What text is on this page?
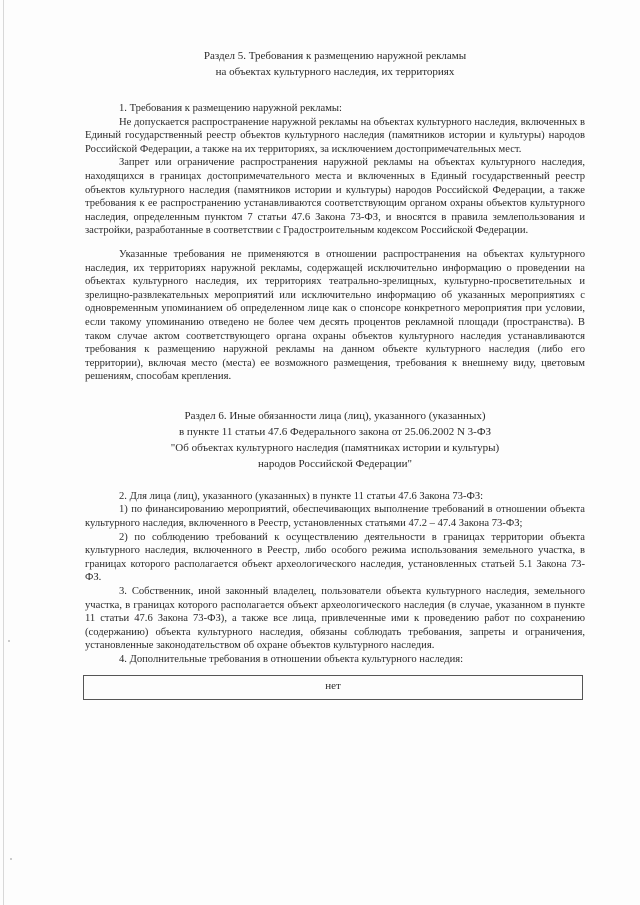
Раздел 5. Требования к размещению наружной рекламы

на объектах культурного наследия, их территориях

1. Требования к размещению наружной рекламы:

Не допускается распространение наружной рекламы на объектах культурного наследия, включенных в Единый государственный реестр объектов культурного наследия (памятников истории и культуры) народов Российской Федерации, а также на их территориях, за исключением достопримечательных мест.

Запрет или ограничение распространения наружной рекламы на объектах культурного наследия, находящихся в границах достопримечательного места и включенных в Единый государственный реестр объектов культурного наследия (памятников истории и культуры) народов Российской Федерации, а также требования к ее распространению устанавливаются соответствующим органом охраны объектов культурного наследия, определенным пунктом 7 статьи 47.6 Закона 73-ФЗ, и вносятся в правила землепользования и застройки, разработанные в соответствии с Градостроительным кодексом Российской Федерации.

Указанные требования не применяются в отношении распространения на объектах культурного наследия, их территориях наружной рекламы, содержащей исключительно информацию о проведении на объектах культурного наследия, их территориях театрально-зрелищных, культурно-просветительных и зрелищно-развлекательных мероприятий или исключительно информацию об указанных мероприятиях с одновременным упоминанием об определенном лице как о спонсоре конкретного мероприятия при условии, если такому упоминанию отведено не более чем десять процентов рекламной площади (пространства). В таком случае актом соответствующего органа охраны объектов культурного наследия устанавливаются требования к размещению наружной рекламы на данном объекте культурного наследия (либо его территории), включая место (места) ее возможного размещения, требования к внешнему виду, цветовым решениям, способам крепления.

Раздел 6. Иные обязанности лица (лиц), указанного (указанных)

в пункте 11 статьи 47.6 Федерального закона от 25.06.2002 N 3-ФЗ

"Об объектах культурного наследия (памятниках истории и культуры)

народов Российской Федерации"

2. Для лица (лиц), указанного (указанных) в пункте 11 статьи 47.6 Закона 73-ФЗ:

1) по финансированию мероприятий, обеспечивающих выполнение требований в отношении объекта культурного наследия, включенного в Реестр, установленных статьями 47.2 – 47.4 Закона 73-ФЗ;

2) по соблюдению требований к осуществлению деятельности в границах территории объекта культурного наследия, включенного в Реестр, либо особого режима использования земельного участка, в границах которого располагается объект археологического наследия, установленных статьей 5.1 Закона 73-ФЗ.

3. Собственник, иной законный владелец, пользователи объекта культурного наследия, земельного участка, в границах которого располагается объект археологического наследия (в случае, указанном в пункте 11 статьи 47.6 Закона 73-ФЗ), а также все лица, привлеченные ими к проведению работ по сохранению (содержанию) объекта культурного наследия, обязаны соблюдать требования, запреты и ограничения, установленные законодательством об охране объектов культурного наследия.

4. Дополнительные требования в отношении объекта культурного наследия:

нет
